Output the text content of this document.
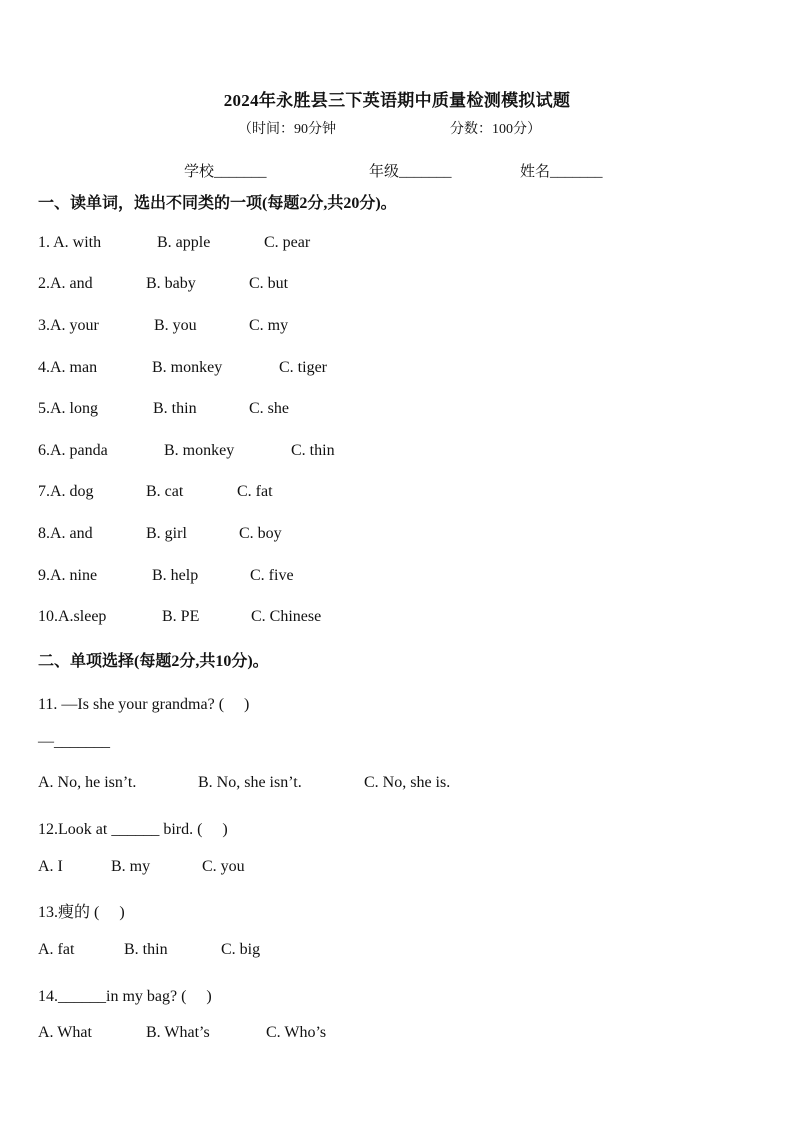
2024年永胜县三下英语期中质量检测模拟试题
（时间：90分钟	分数：100分）
学校_______	年级_______	姓名_______
一、读单词，选出不同类的一项(每题2分,共20分)。
1. A. with	B. apple	C. pear
2.A. and	B. baby	C. but
3.A. your	B. you	C. my
4.A. man	B. monkey	C. tiger
5.A. long	B. thin	C. she
6.A. panda	B. monkey	C. thin
7.A. dog	B. cat	C. fat
8.A. and	B. girl	C. boy
9.A. nine	B. help	C. five
10.A.sleep	B. PE	C. Chinese
二、单项选择(每题2分,共10分)。
11. —Is she your grandma? (　 )
—_______
A. No, he isn’t.	B. No, she isn’t.	C. No, she is.
12.Look at ______ bird. (　 )
A. I	B. my	C. you
13.瘦的 (　 )
A. fat	B. thin	C. big
14.______in my bag? (　 )
A. What	B. What’s	C. Who’s
